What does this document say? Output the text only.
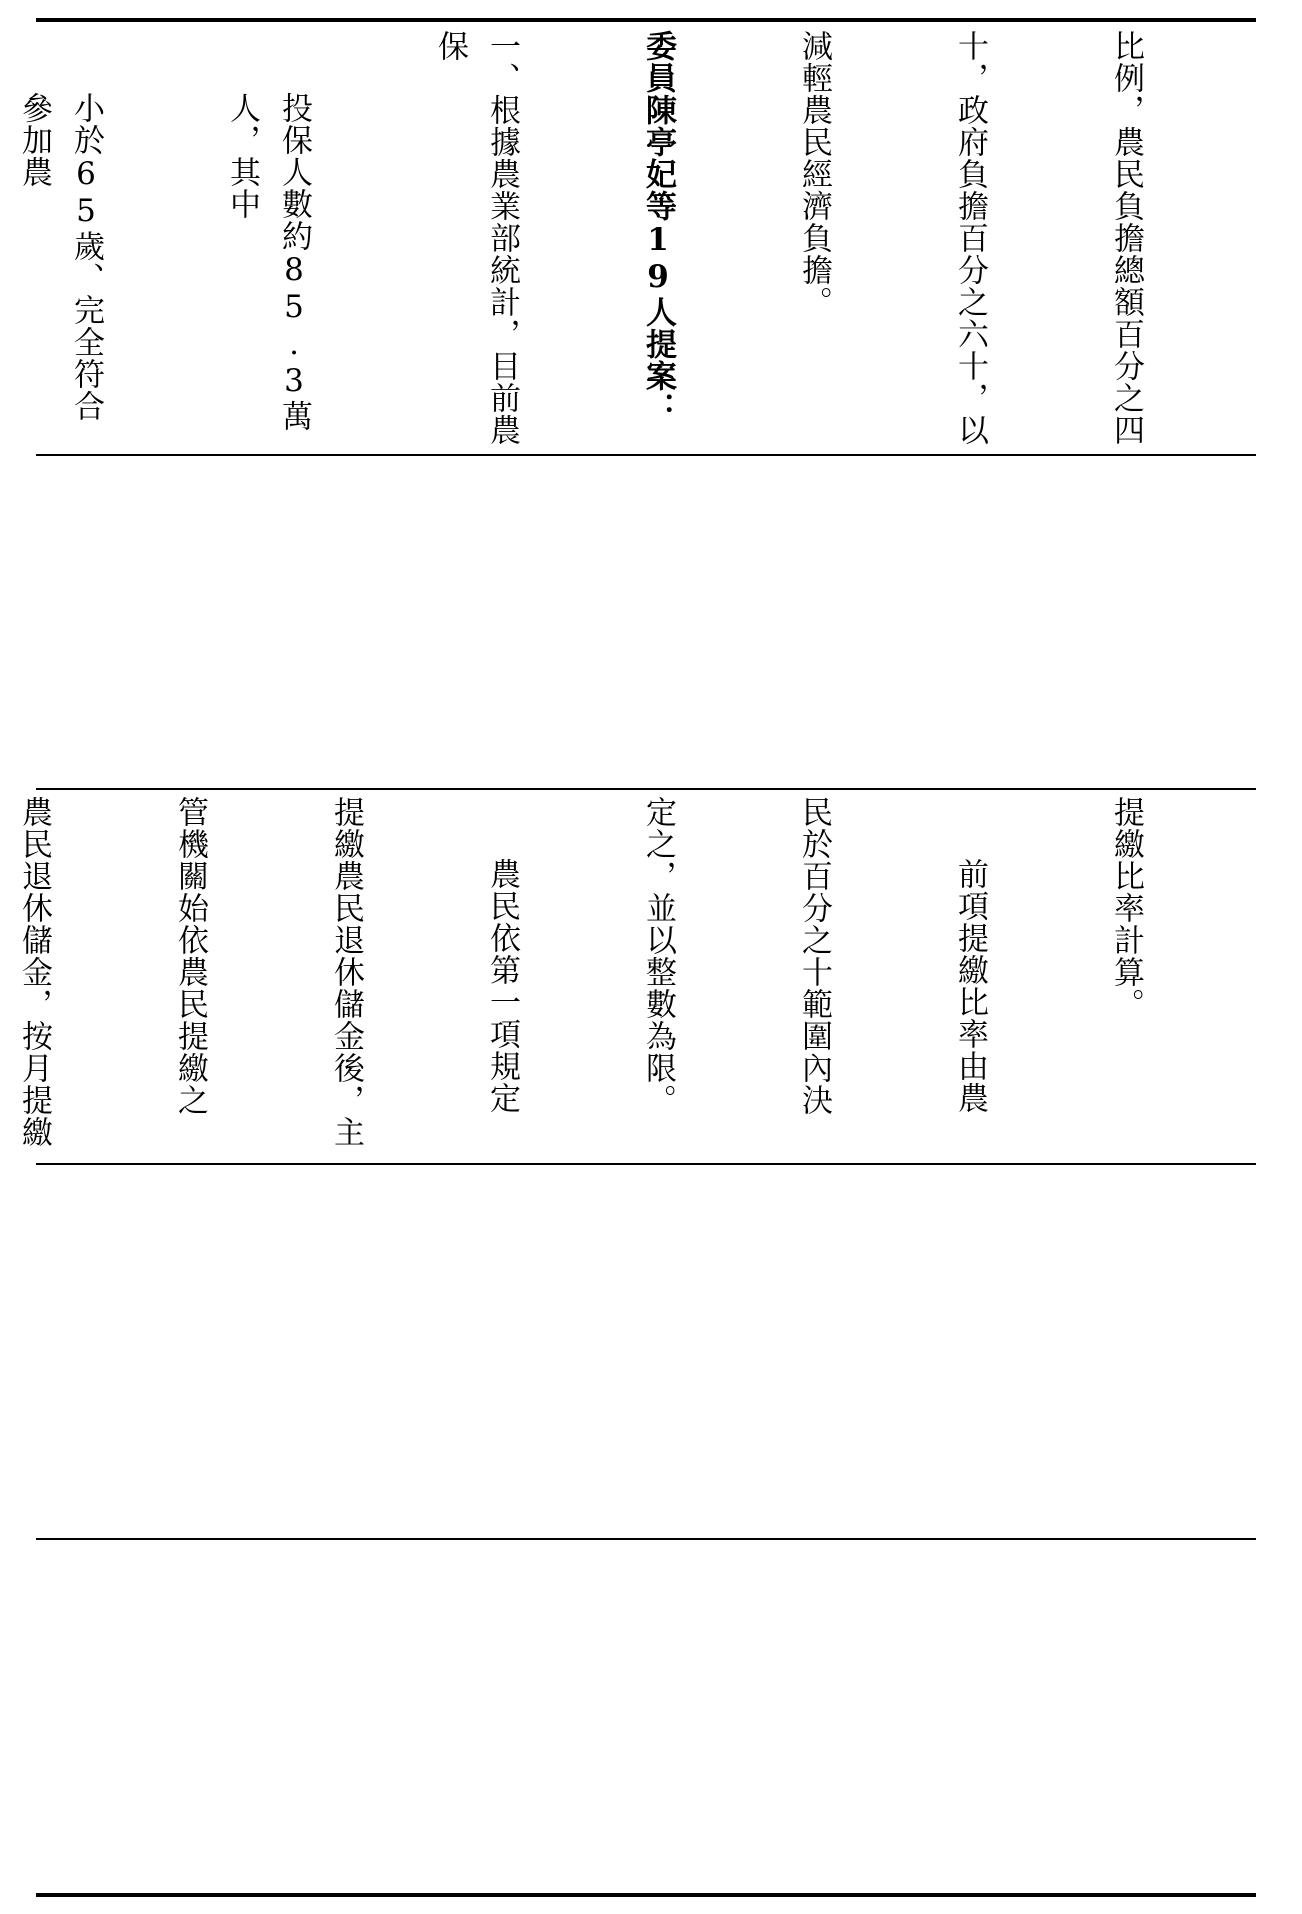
比例，農民負擔總額百分之四

十，政府負擔百分之六十，以

減輕農民經濟負擔。

委員陳亭妃等19人提案：

一、根據農業部統計，目前農保

投保人數約85.3萬人，其中

小於65歲、完全符合參加農

提繳比率計算。

前項提繳比率由農

民於百分之十範圍內決

定之，並以整數為限。

農民依第一項規定

提繳農民退休儲金後，主

管機關始依農民提繳之

農民退休儲金，按月提繳
